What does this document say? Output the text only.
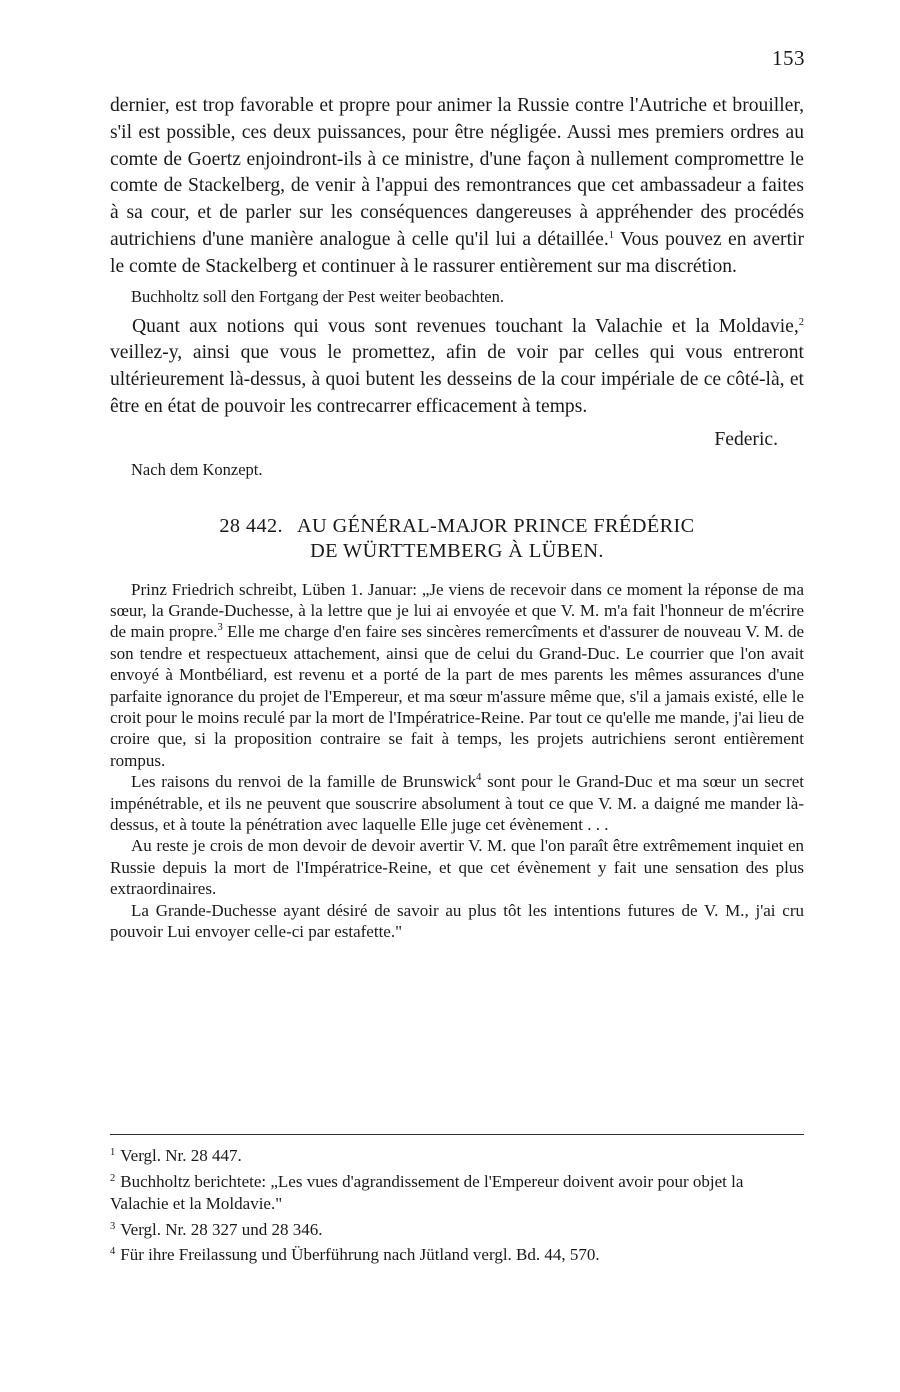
153

dernier, est trop favorable et propre pour animer la Russie contre l'Autriche et brouiller, s'il est possible, ces deux puissances, pour être négligée. Aussi mes premiers ordres au comte de Goertz enjoindront-ils à ce ministre, d'une façon à nullement compromettre le comte de Stackelberg, de venir à l'appui des remontrances que cet ambassadeur a faites à sa cour, et de parler sur les conséquences dangereuses à appréhender des procédés autrichiens d'une manière analogue à celle qu'il lui a détaillée.$^1$ Vous pouvez en avertir le comte de Stackelberg et continuer à le rassurer entièrement sur ma discrétion.

Buchholtz soll den Fortgang der Pest weiter beobachten.

Quant aux notions qui vous sont revenues touchant la Valachie et la Moldavie,$^2$ veillez-y, ainsi que vous le promettez, afin de voir par celles qui vous entreront ultérieurement là-dessus, à quoi butent les desseins de la cour impériale de ce côté-là, et être en état de pouvoir les contrecarrer efficacement à temps.

Federic.

Nach dem Konzept.

28 442. AU GÉNÉRAL-MAJOR PRINCE FRÉDÉRIC
DE WÜRTTEMBERG À LÜBEN.

Prinz Friedrich schreibt, Lüben 1. Januar: „Je viens de recevoir dans ce moment la réponse de ma sœur, la Grande-Duchesse, à la lettre que je lui ai envoyée et que V. M. m'a fait l'honneur de m'écrire de main propre.$^3$ Elle me charge d'en faire ses sincères remercîments et d'assurer de nouveau V. M. de son tendre et respectueux attachement, ainsi que de celui du Grand-Duc. Le courrier que l'on avait envoyé à Montbéliard, est revenu et a porté de la part de mes parents les mêmes assurances d'une parfaite ignorance du projet de l'Empereur, et ma sœur m'assure même que, s'il a jamais existé, elle le croit pour le moins reculé par la mort de l'Impératrice-Reine. Par tout ce qu'elle me mande, j'ai lieu de croire que, si la proposition contraire se fait à temps, les projets autrichiens seront entièrement rompus.

Les raisons du renvoi de la famille de Brunswick$^4$ sont pour le Grand-Duc et ma sœur un secret impénétrable, et ils ne peuvent que souscrire absolument à tout ce que V. M. a daigné me mander là-dessus, et à toute la pénétration avec laquelle Elle juge cet évènement . . .

Au reste je crois de mon devoir de devoir avertir V. M. que l'on paraît être extrêmement inquiet en Russie depuis la mort de l'Impératrice-Reine, et que cet évènement y fait une sensation des plus extraordinaires.

La Grande-Duchesse ayant désiré de savoir au plus tôt les intentions futures de V. M., j'ai cru pouvoir Lui envoyer celle-ci par estafette."

$^1$ Vergl. Nr. 28 447.
$^2$ Buchholtz berichtete: „Les vues d'agrandissement de l'Empereur doivent avoir pour objet la Valachie et la Moldavie."
$^3$ Vergl. Nr. 28 327 und 28 346.
$^4$ Für ihre Freilassung und Überführung nach Jütland vergl. Bd. 44, 570.
